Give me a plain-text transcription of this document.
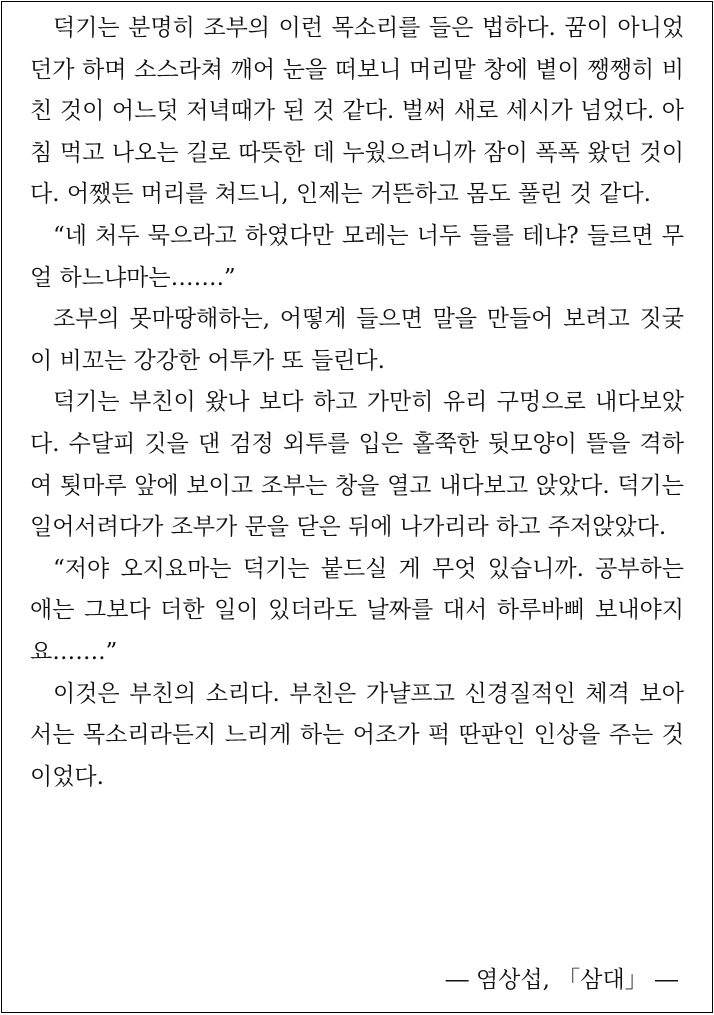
덕기는 분명히 조부의 이런 목소리를 들은 법하다. 꿈이 아니었던가 하며 소스라쳐 깨어 눈을 떠보니 머리맡 창에 볕이 쨍쨍히 비친 것이 어느덧 저녁때가 된 것 같다. 벌써 새로 세시가 넘었다. 아침 먹고 나오는 길로 따뜻한 데 누웠으려니까 잠이 폭폭 왔던 것이다. 어쨌든 머리를 쳐드니, 인제는 거뜬하고 몸도 풀린 것 같다.

“네 처두 묵으라고 하였다만 모레는 너두 들를 테냐? 들르면 무얼 하느냐마는…….”

조부의 못마땅해하는, 어떻게 들으면 말을 만들어 보려고 짓궂이 비꼬는 강강한 어투가 또 들린다.

덕기는 부친이 왔나 보다 하고 가만히 유리 구멍으로 내다보았다. 수달피 깃을 댄 검정 외투를 입은 홀쭉한 뒷모양이 뜰을 격하여 툇마루 앞에 보이고 조부는 창을 열고 내다보고 앉았다. 덕기는 일어서려다가 조부가 문을 닫은 뒤에 나가리라 하고 주저앉았다.

“저야 오지요마는 덕기는 붙드실 게 무엇 있습니까. 공부하는 애는 그보다 더한 일이 있더라도 날짜를 대서 하루바삐 보내야지요…….”

이것은 부친의 소리다. 부친은 가냘프고 신경질적인 체격 보아서는 목소리라든지 느리게 하는 어조가 퍽 딴판인 인상을 주는 것이었다.

― 염상섭, 「삼대」 ―
